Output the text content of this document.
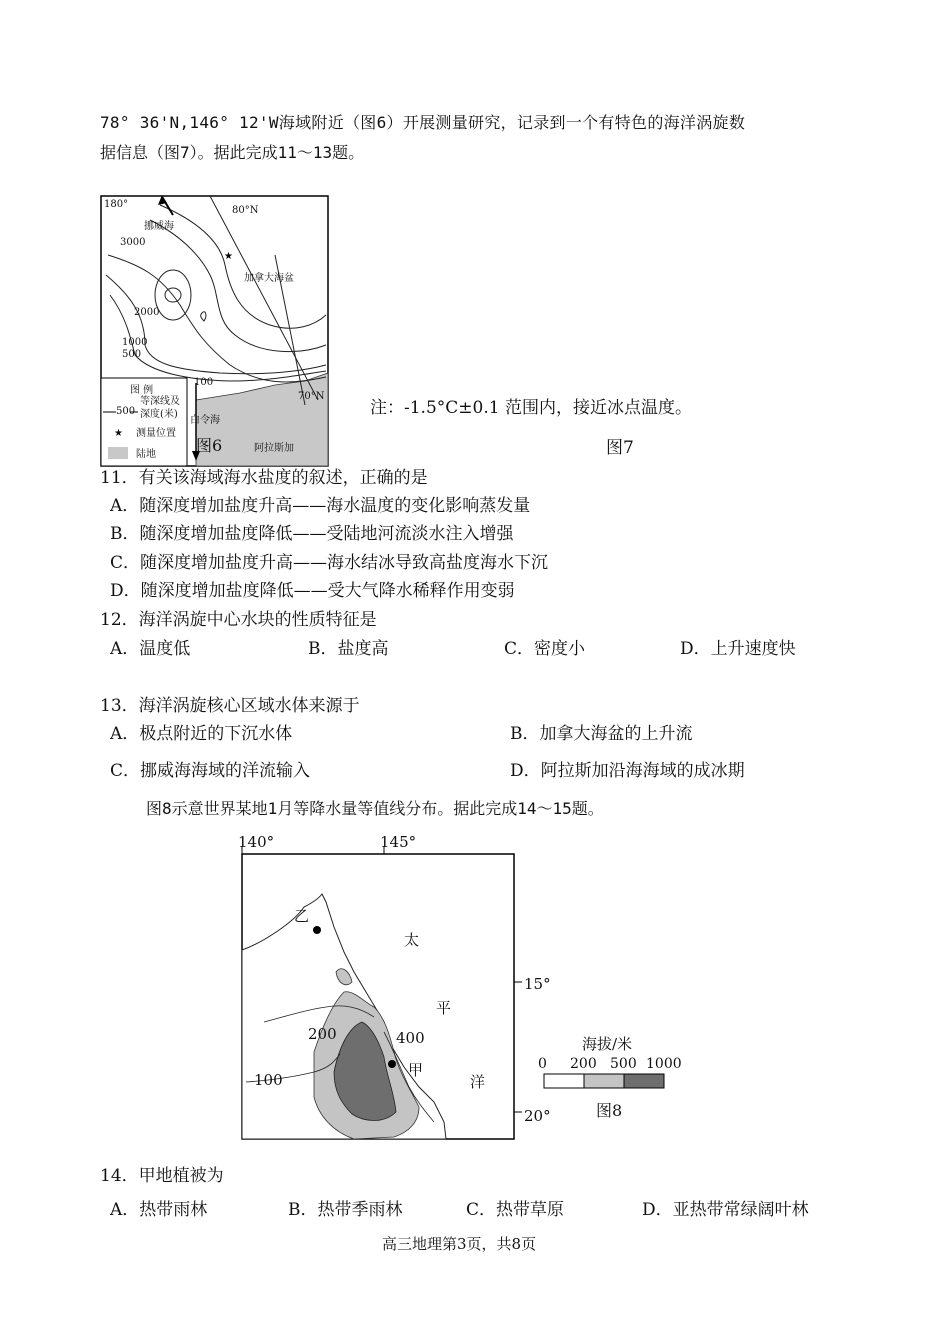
78° 36'N,146° 12'W海域附近（图6）开展测量研究，记录到一个有特色的海洋涡旋数
据信息（图7）。据此完成11～13题。
★
180°
80°N
挪威海
加拿大海盆
3000
2000
1000
500
100
70°N
白令海
阿拉斯加
图 例
500
等深线及
深度(米)
★ 测量位置
陆地	图6
注：-1.5°C±0.1 范围内，接近冰点温度。
图7
11．有关该海域海水盐度的叙述，正确的是
A．随深度增加盐度升高——海水温度的变化影响蒸发量
B．随深度增加盐度降低——受陆地河流淡水注入增强
C．随深度增加盐度升高——海水结冰导致高盐度海水下沉
D．随深度增加盐度降低——受大气降水稀释作用变弱
12．海洋涡旋中心水块的性质特征是
A．温度低	B．盐度高	C．密度小	D．上升速度快
13．海洋涡旋核心区域水体来源于
A．极点附近的下沉水体	B．加拿大海盆的上升流
C．挪威海海域的洋流输入	D．阿拉斯加沿海海域的成冰期
图8示意世界某地1月等降水量等值线分布。据此完成14～15题。
140°	145°
15°
20°
乙
太
平
洋
甲
200	400
100
海拔/米
0 200 500 1000
图8
14．甲地植被为
A．热带雨林	B．热带季雨林	C．热带草原	D．亚热带常绿阔叶林
高三地理第3页，共8页
